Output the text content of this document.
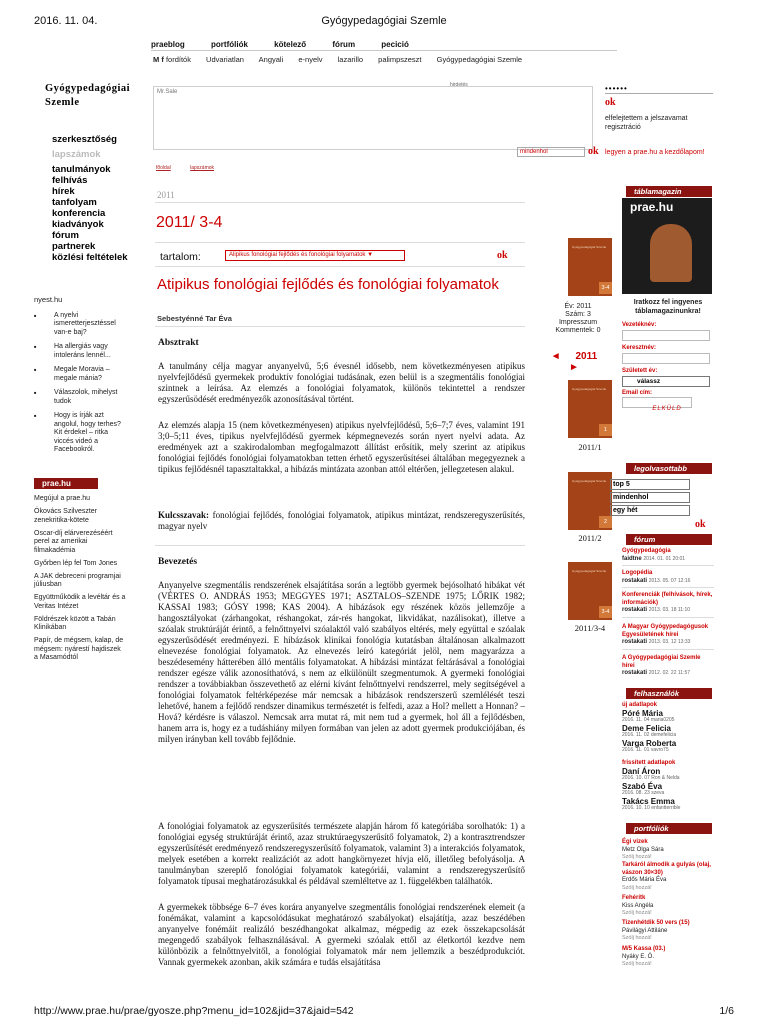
2016. 11. 04.	Gyógypedagógiai Szemle
http://www.prae.hu/prae/gyosze.php?menu_id=102&jid=37&jaid=542	1/6
praeblog	portfóliók	kötelező	fórum	pecició
M f fordítók Udvariatlan Angyali e-nyelv lazarillo palimpszeszt Gyógypedagógiai Szemle
Gyógypedagógiai
Szemle
hirdetés
Mr.Sale	••••••
ok
elfelejtettem a jelszavamat
regisztráció
legyen a prae.hu a kezdőlapom!
szerkesztőség
lapszámok
tanulmányok
felhívás
hírek
tanfolyam
konferencia
kiadványok
fórum
partnerek
közlési feltételek
nyest.hu
■ A nyelvi ismeretterjesztéssel van-e baj?
■ Ha allergiás vagy intoleráns lennél...
■ Megale Moravia – megale mánia?
■ Válaszolok, mihelyst tudok
■ Hogy is írják azt angolul, hogy terhes? Kit érdekel – ritka viccés videó a Facebookról.
prae.hu
Megújul a prae.hu
Ókovács Szilveszter zenekritika-kötete
Oscar-díj elárverezéséért perel az amerikai filmakadémia
Győrben lép fel Tom Jones
A JAK debreceni programjai júliusban
Együttműködik a levéltár és a Veritas Intézet
Földrészek között a Tabán Klinikában
Papír, de mégsem, kalap, de mégsem: nyárestí hajdiszek a Masamódtól
főoldal	lapszámok
mindenhol	ok
2011
2011/ 3-4
tartalom:	Alipikus fonológiai fejlődés és fonológiai folyamatok ▼	ok
Atipikus fonológiai fejlődés és fonológiai folyamatok
Sebestyénné Tar Éva
Absztrakt
A tanulmány célja magyar anyanyelvű, 5;6 évesnél idősebb, nem következményesen atipikus nyelvfejlődésű gyermekek produktív fonológiai tudásának, ezen belül is a szegmentális fonológiai szintnek a leírása. Az elemzés a fonológiai folyamatok, különös tekintettel a rendszer egyszerűsödését eredményezők azonosításával történt.
Az elemzés alapja 15 (nem következményesen) atipikus nyelvfejlődésű, 5;6–7;7 éves, valamint 191 3;0–5;11 éves, tipikus nyelvfejlődésű gyermek képmegnevezés során nyert nyelvi adata. Az eredmények azt a szakirodalomban megfogalmazott állítást erősítik, mely szerint az atipikus fonológiai fejlődés fonológiai folyamatokban tetten érhető egyszerűsítései általában megegyeznek a tipikus fejlődésnél tapasztaltakkal, a hibázás mintázata azonban attól eltérően, jellegzetesen alakul.
Kulcsszavak: fonológiai fejlődés, fonológiai folyamatok, atipikus mintázat, rendszeregyszerűsítés, magyar nyelv
Bevezetés
Anyanyelve szegmentális rendszerének elsajátítása során a legtöbb gyermek bejósolható hibákat vét (VÉRTES O. ANDRÁS 1953; MEGGYES 1971; ASZTALOS–SZENDE 1975; LŐRIK 1982; KASSAI 1983; GÓSY 1998; KAS 2004). A hibázások egy részének közös jellemzője a hangosztályokat (zárhangokat, réshangokat, zár-rés hangokat, likvidákat, nazálisokat), illetve a szóalak struktúráját érintő, a felnőttnyelvi szóalaktól való szabályos eltérés, mely együttal e szóalak egyszerűsödését eredményezi. E hibázások klinikai fonológia kutatásban általánosan alkalmazott elnevezése fonológiai folyamatok. Az elnevezés leíró kategóriát jelöl, nem magyarázza a beszédesemény hátterében álló mentális folyamatokat. A hibázási mintázat feltárásával a fonológiai rendszer egésze válik azonosíthatóvá, s nem az elkülönült szegmentumok. A gyermeki fonológiai rendszer a továbbiakban összevethető az elérni kívánt felnőttnyelvi rendszerrel, mely segítségével a fonológiai folyamatok feltérképezése már nemcsak a hibázások rendszerszerű szemlélését teszi lehetővé, hanem a fejlődő rendszer dinamikus természetét is felfedi, azaz a Hol? mellett a Honnan? – Hová? kérdésre is válaszol. Nemcsak arra mutat rá, mit nem tud a gyermek, hol áll a fejlődésben, hanem arra is, hogy ez a tudáshiány milyen formában van jelen az adott gyermek produkciójában, és milyen irányban kell tovább fejlődnie.
A fonológiai folyamatok az egyszerűsítés természete alapján három fő kategóriába sorolhatók: 1) a fonológiai egység struktúráját érintő, azaz struktúraegyszerűsítő folyamatok, 2) a kontrasztrendszer egyszerűsítését eredményező rendszeregyszerűsítő folyamatok, valamint 3) a interakciós folyamatok, melyek esetében a korrekt realizációt az adott hangkörnyezet hívja elő, illetőleg befolyásolja. A tanulmányban szereplő fonológiai folyamatok kategóriái, valamint a rendszeregyszerűsítő folyamatok típusai meghatározásukkal és példával szemléltetve az 1. függelékben találhatók.
A gyermekek többsége 6–7 éves korára anyanyelve szegmentális fonológiai rendszerének elemeit (a fonémákat, valamint a kapcsolódásukat meghatározó szabályokat) elsajátítja, azaz beszédében anyanyelve fonémáit realizáló beszédhangokat alkalmaz, mégpedig az ezek összekapcsolását megengedő szabályok felhasználásával. A gyermeki szóalak ettől az életkortól kezdve nem különbözik a felnőttnyelvitől, a fonológiai folyamatok már nem jellemzik a beszédprodukciót. Vannak gyermekek azonban, akik számára e tudás elsajátítása
Gyógypedagógiai Szemle
3-4
Év: 2011
Szám: 3
Impresszum
Kommentek: 0
◄ 2011 ►
Gyógypedagógiai Szemle
1
2011/1
Gyógypedagógiai Szemle
2
2011/2
Gyógypedagógiai Szemle
3-4
2011/3-4
táblamagazin
prae.hu
Iratkozz fel ingyenes táblamagazinunkra!
Vezetéknév:
Keresztnév:
Született év:
válassz
Email cím:
ELKÜLD
legolvasottabb
top 5
mindenhol
egy hét
ok
fórum
Gyógypedagógia
faidtne 2014. 01. 01 20:01
Logopédia
rostakati 2013. 05. 07 12:16
Konferenciák (felhívások, hírek, információk)
rostakati 2013. 03. 18 11:10
A Magyar Gyógypedagógusok Egyesületének hírei
rostakati 2013. 03. 12 13:33
A Gyógypedagógiai Szemle hírei
rostakati 2012. 02. 22 11:57
felhasználók
új adatlapok
Póré Mária
2016. 11. 04 maria0205
Deme Felicia
2016. 11. 02 demefelicia
Varga Roberta
2016. 11. 01 vavro75
frissített adatlapok
Daní Áron
2016. 10. 07 Ron & Nelda
Szabó Éva
2016. 08. 23 szeva
Takács Emma
2016. 10. 10 enfantterrible
portfóliók
Égi vizek
Metz Olga Sára
Szólj hozzá!
Tarkáról álmodik a gulyás (olaj, vászon 30×30)
Erdős Mária Éva
Szólj hozzá!
Fehérítk
Kiss Angéla
Szólj hozzá!
Tizenhétdik 50 vers (15)
Pávilágyi Attiláne
Szólj hozzá!
M/5 Kassa (03.)
Nyáky E. Ö.
Szólj hozzá!
